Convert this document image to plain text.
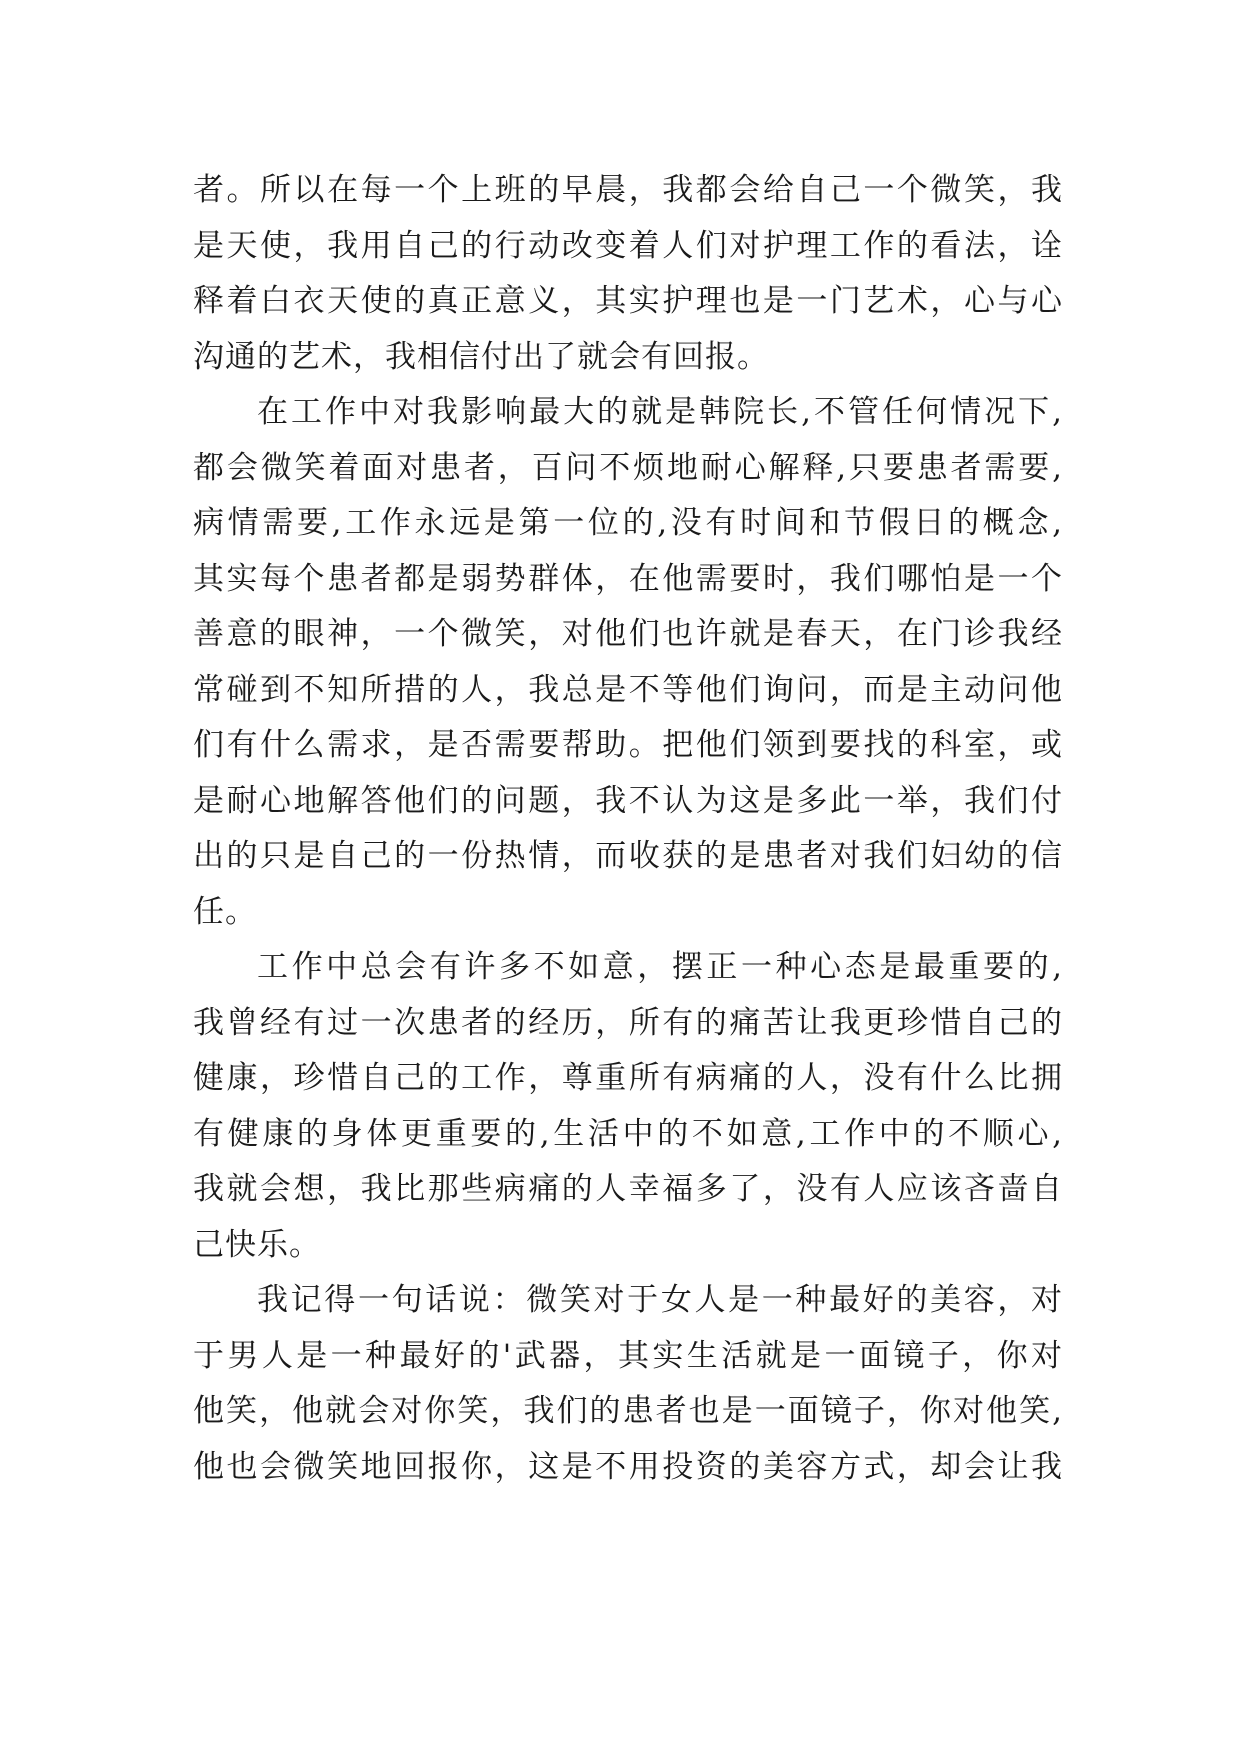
者。所以在每一个上班的早晨，我都会给自己一个微笑，我
是天使，我用自己的行动改变着人们对护理工作的看法，诠
释着白衣天使的真正意义，其实护理也是一门艺术，心与心
沟通的艺术，我相信付出了就会有回报。
在工作中对我影响最大的就是韩院长,不管任何情况下,
都会微笑着面对患者，百问不烦地耐心解释,只要患者需要,
病情需要,工作永远是第一位的,没有时间和节假日的概念,
其实每个患者都是弱势群体，在他需要时，我们哪怕是一个
善意的眼神，一个微笑，对他们也许就是春天，在门诊我经
常碰到不知所措的人，我总是不等他们询问，而是主动问他
们有什么需求，是否需要帮助。把他们领到要找的科室，或
是耐心地解答他们的问题，我不认为这是多此一举，我们付
出的只是自己的一份热情，而收获的是患者对我们妇幼的信
任。
工作中总会有许多不如意，摆正一种心态是最重要的,
我曾经有过一次患者的经历，所有的痛苦让我更珍惜自己的
健康，珍惜自己的工作，尊重所有病痛的人，没有什么比拥
有健康的身体更重要的,生活中的不如意,工作中的不顺心,
我就会想，我比那些病痛的人幸福多了，没有人应该吝啬自
己快乐。
我记得一句话说：微笑对于女人是一种最好的美容，对
于男人是一种最好的'武器，其实生活就是一面镜子，你对
他笑，他就会对你笑，我们的患者也是一面镜子，你对他笑,
他也会微笑地回报你，这是不用投资的美容方式，却会让我
